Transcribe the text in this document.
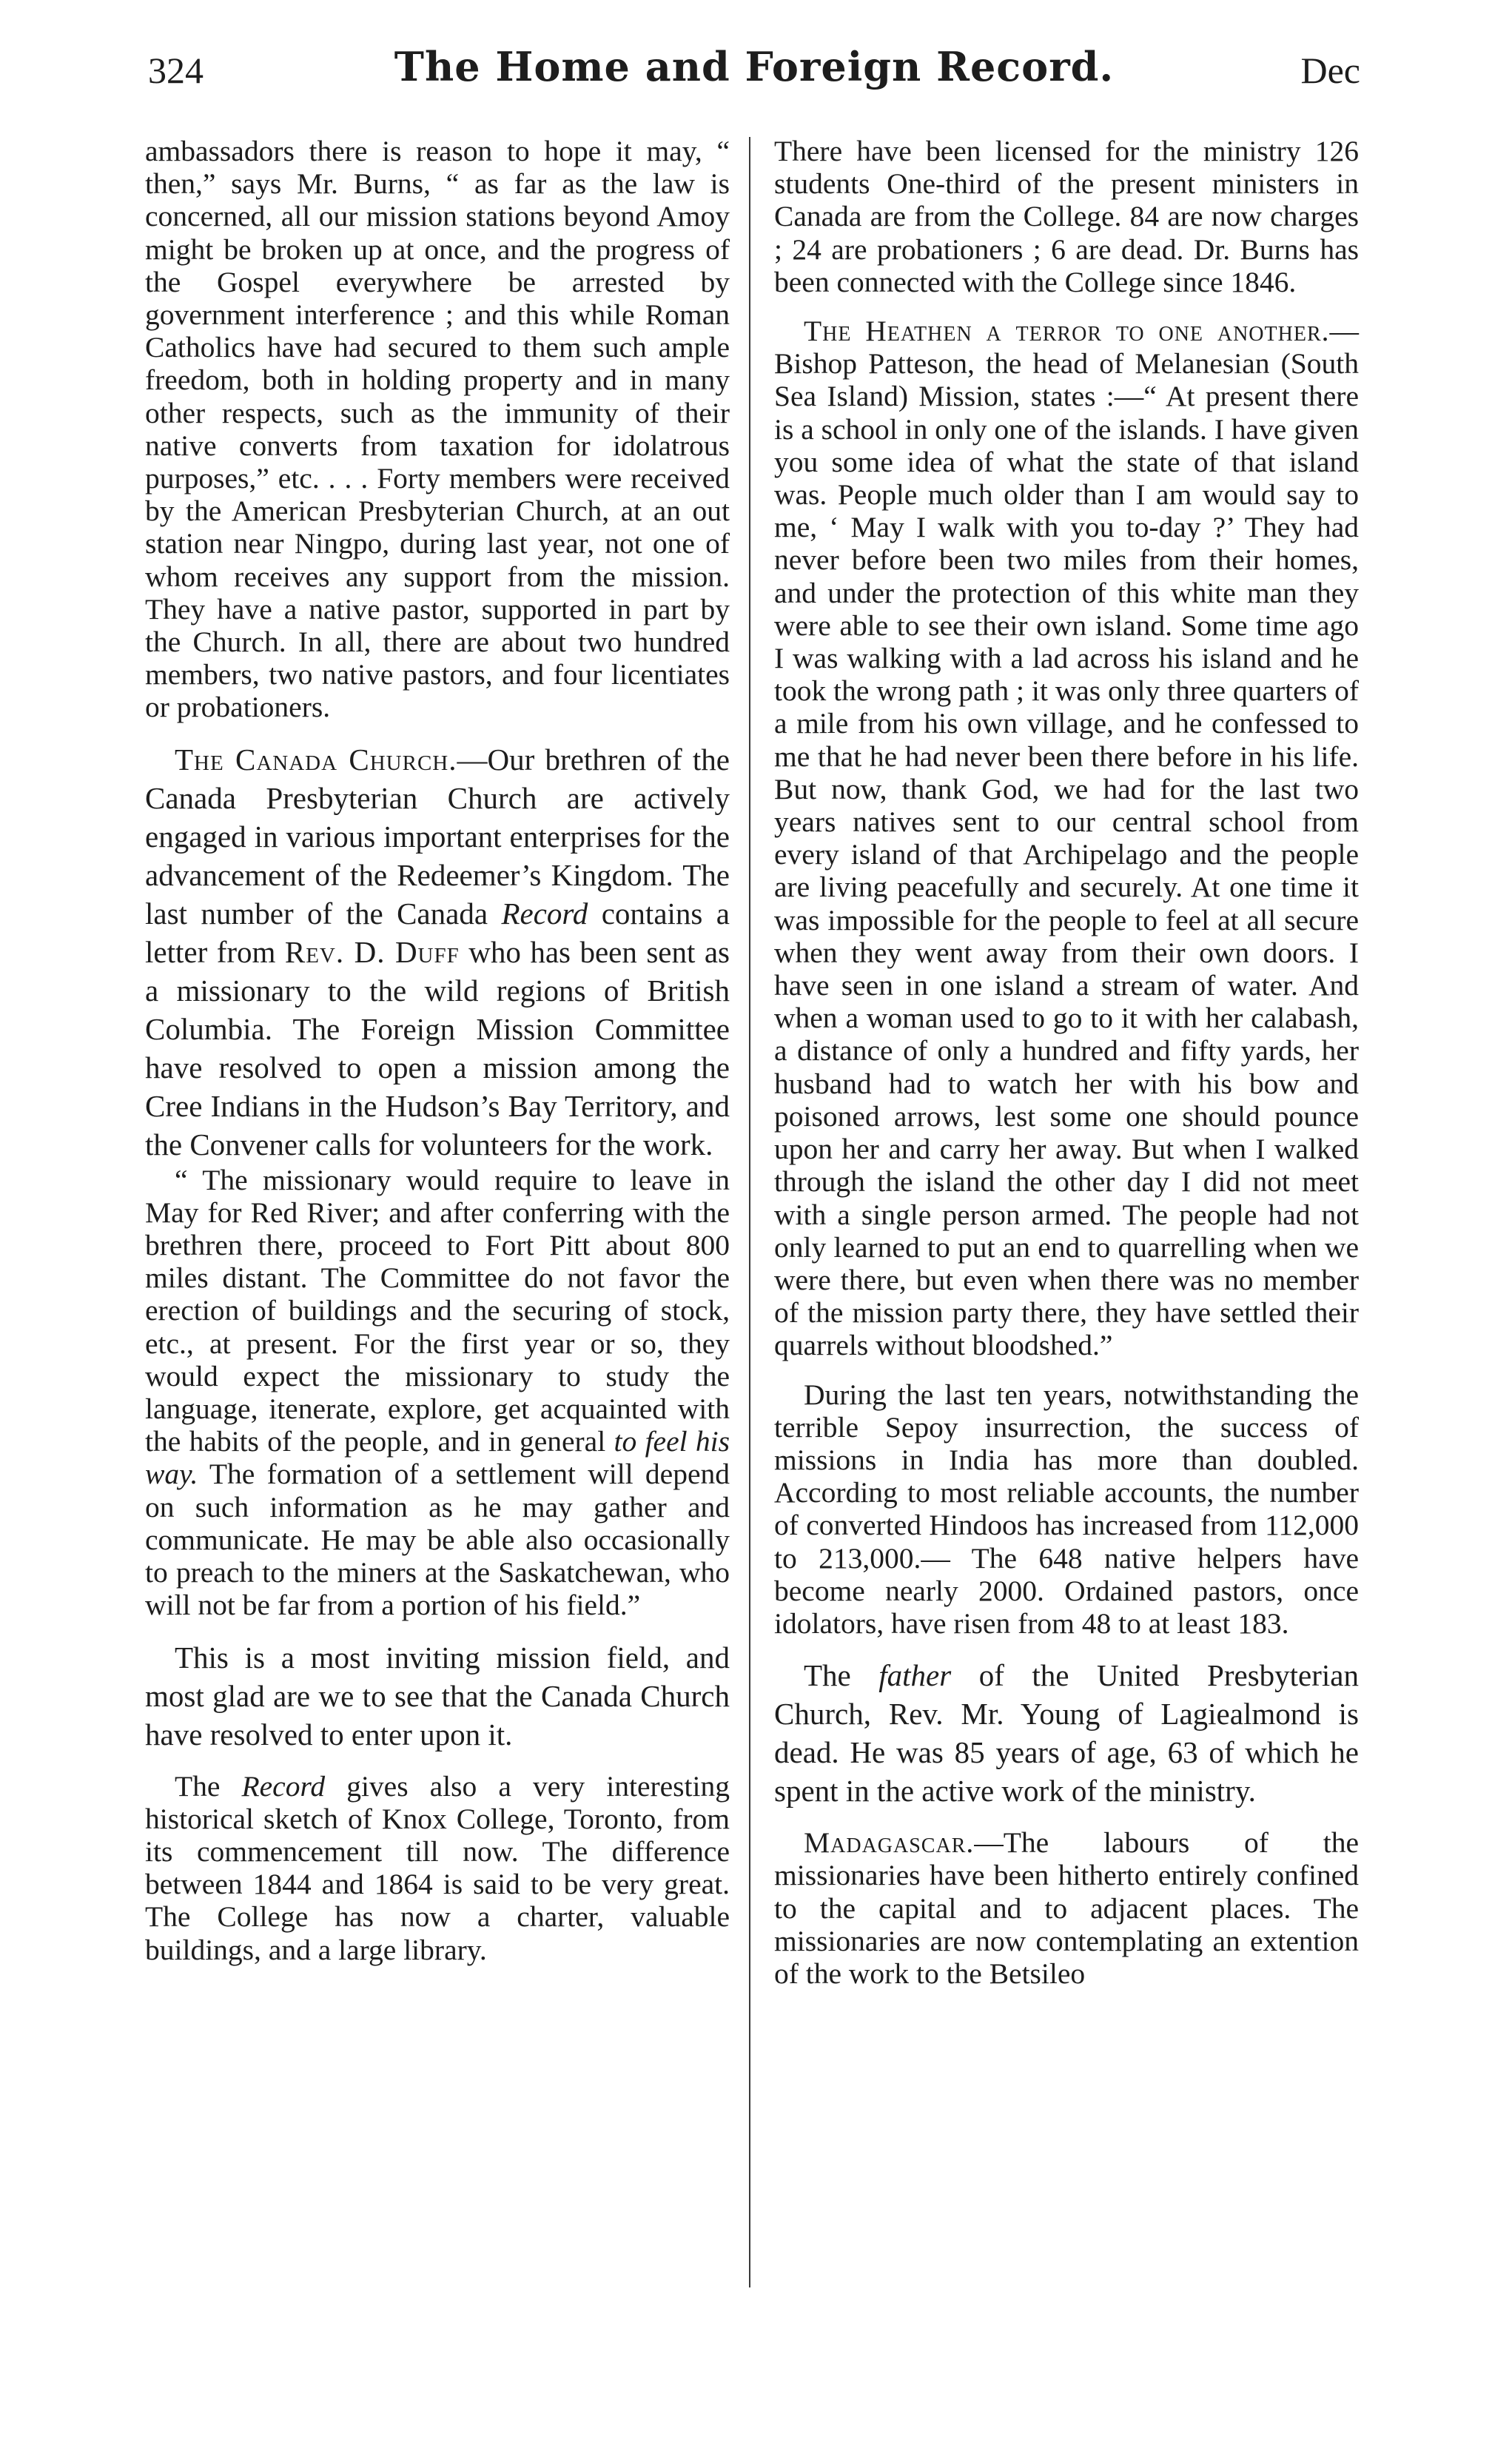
324	The Home and Foreign Record.	Dec

ambassadors there is reason to hope it may, “ then,” says Mr. Burns, “ as far as the law is concerned, all our mission stations beyond Amoy might be broken up at once, and the progress of the Gospel everywhere be arrested by government interference ; and this while Roman Catholics have had secured to them such ample freedom, both in holding property and in many other respects, such as the immunity of their native converts from taxation for idolatrous purposes,” etc. . . . Forty members were received by the American Presbyterian Church, at an out station near Ningpo, during last year, not one of whom receives any support from the mission. They have a native pastor, supported in part by the Church. In all, there are about two hundred members, two native pastors, and four licentiates or probationers.

The Canada Church.—Our brethren of the Canada Presbyterian Church are actively engaged in various important enterprises for the advancement of the Redeemer’s Kingdom. The last number of the Canada Record contains a letter from Rev. D. Duff who has been sent as a missionary to the wild regions of British Columbia. The Foreign Mission Committee have resolved to open a mission among the Cree Indians in the Hudson’s Bay Territory, and the Convener calls for volunteers for the work.

“ The missionary would require to leave in May for Red River; and after conferring with the brethren there, proceed to Fort Pitt about 800 miles distant. The Committee do not favor the erection of buildings and the securing of stock, etc., at present. For the first year or so, they would expect the missionary to study the language, itenerate, explore, get acquainted with the habits of the people, and in general to feel his way. The formation of a settlement will depend on such information as he may gather and communicate. He may be able also occasionally to preach to the miners at the Saskatchewan, who will not be far from a portion of his field.”

This is a most inviting mission field, and most glad are we to see that the Canada Church have resolved to enter upon it.

The Record gives also a very interesting historical sketch of Knox College, Toronto, from its commencement till now. The difference between 1844 and 1864 is said to be very great. The College has now a charter, valuable buildings, and a large library.

There have been licensed for the ministry 126 students One-third of the present ministers in Canada are from the College. 84 are now charges ; 24 are probationers ; 6 are dead. Dr. Burns has been connected with the College since 1846.

The Heathen a terror to one another.—Bishop Patteson, the head of Melanesian (South Sea Island) Mission, states :—“ At present there is a school in only one of the islands. I have given you some idea of what the state of that island was. People much older than I am would say to me, ‘ May I walk with you to-day ?’ They had never before been two miles from their homes, and under the protection of this white man they were able to see their own island. Some time ago I was walking with a lad across his island and he took the wrong path ; it was only three quarters of a mile from his own village, and he confessed to me that he had never been there before in his life. But now, thank God, we had for the last two years natives sent to our central school from every island of that Archipelago and the people are living peacefully and securely. At one time it was impossible for the people to feel at all secure when they went away from their own doors. I have seen in one island a stream of water. And when a woman used to go to it with her calabash, a distance of only a hundred and fifty yards, her husband had to watch her with his bow and poisoned arrows, lest some one should pounce upon her and carry her away. But when I walked through the island the other day I did not meet with a single person armed. The people had not only learned to put an end to quarrelling when we were there, but even when there was no member of the mission party there, they have settled their quarrels without bloodshed.”

During the last ten years, notwithstanding the terrible Sepoy insurrection, the success of missions in India has more than doubled. According to most reliable accounts, the number of converted Hindoos has increased from 112,000 to 213,000.— The 648 native helpers have become nearly 2000. Ordained pastors, once idolators, have risen from 48 to at least 183.

The father of the United Presbyterian Church, Rev. Mr. Young of Lagiealmond is dead. He was 85 years of age, 63 of which he spent in the active work of the ministry.

Madagascar.—The labours of the missionaries have been hitherto entirely confined to the capital and to adjacent places. The missionaries are now contemplating an extention of the work to the Betsileo
